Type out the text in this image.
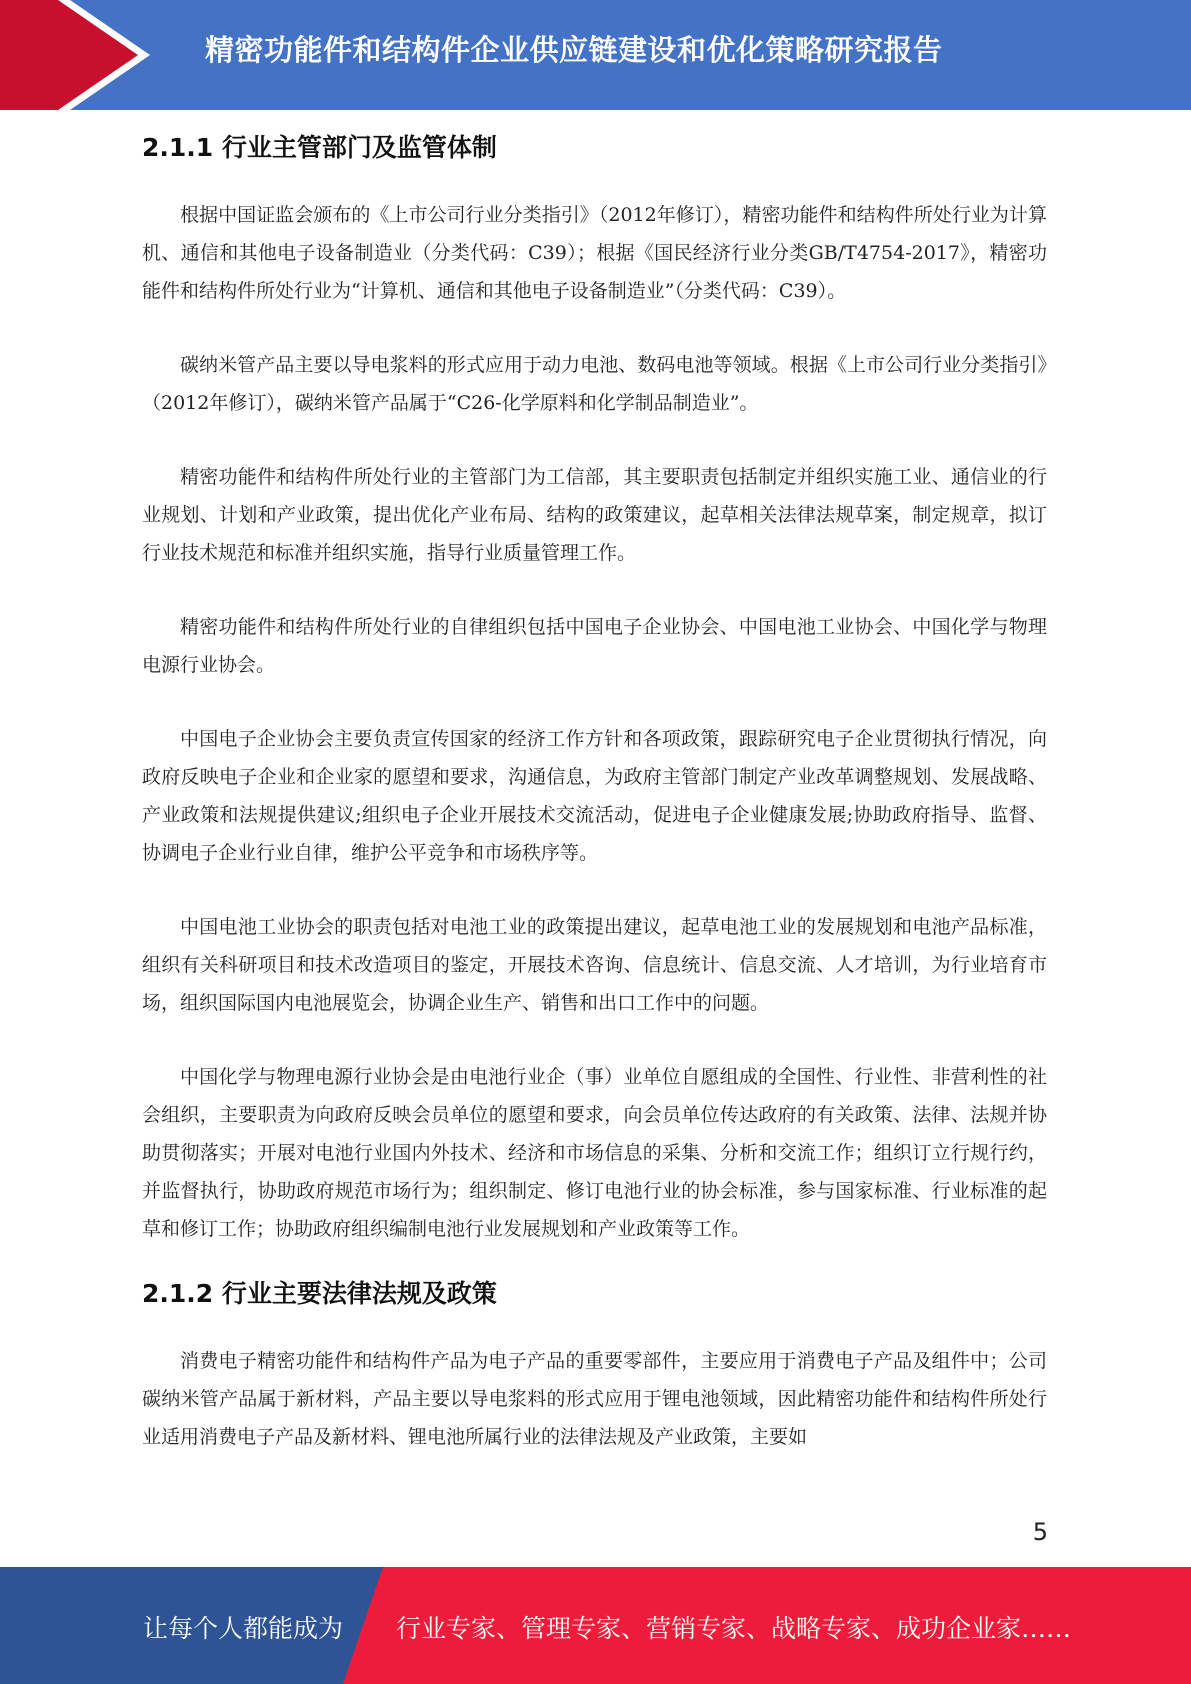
精密功能件和结构件企业供应链建设和优化策略研究报告
2.1.1 行业主管部门及监管体制

根据中国证监会颁布的《上市公司行业分类指引》（2012年修订），精密功能件和结构件所处行业为计算机、通信和其他电子设备制造业（分类代码：C39）；根据《国民经济行业分类GB/T4754-2017》，精密功能件和结构件所处行业为“计算机、通信和其他电子设备制造业”（分类代码：C39）。

碳纳米管产品主要以导电浆料的形式应用于动力电池、数码电池等领域。根据《上市公司行业分类指引》（2012年修订），碳纳米管产品属于“C26-化学原料和化学制品制造业”。

精密功能件和结构件所处行业的主管部门为工信部，其主要职责包括制定并组织实施工业、通信业的行业规划、计划和产业政策，提出优化产业布局、结构的政策建议，起草相关法律法规草案，制定规章，拟订行业技术规范和标准并组织实施，指导行业质量管理工作。

精密功能件和结构件所处行业的自律组织包括中国电子企业协会、中国电池工业协会、中国化学与物理电源行业协会。

中国电子企业协会主要负责宣传国家的经济工作方针和各项政策，跟踪研究电子企业贯彻执行情况，向政府反映电子企业和企业家的愿望和要求，沟通信息，为政府主管部门制定产业改革调整规划、发展战略、产业政策和法规提供建议;组织电子企业开展技术交流活动，促进电子企业健康发展;协助政府指导、监督、协调电子企业行业自律，维护公平竞争和市场秩序等。

中国电池工业协会的职责包括对电池工业的政策提出建议，起草电池工业的发展规划和电池产品标准，组织有关科研项目和技术改造项目的鉴定，开展技术咨询、信息统计、信息交流、人才培训，为行业培育市场，组织国际国内电池展览会，协调企业生产、销售和出口工作中的问题。

中国化学与物理电源行业协会是由电池行业企（事）业单位自愿组成的全国性、行业性、非营利性的社会组织，主要职责为向政府反映会员单位的愿望和要求，向会员单位传达政府的有关政策、法律、法规并协助贯彻落实；开展对电池行业国内外技术、经济和市场信息的采集、分析和交流工作；组织订立行规行约，并监督执行，协助政府规范市场行为；组织制定、修订电池行业的协会标准，参与国家标准、行业标准的起草和修订工作；协助政府组织编制电池行业发展规划和产业政策等工作。

2.1.2 行业主要法律法规及政策

消费电子精密功能件和结构件产品为电子产品的重要零部件，主要应用于消费电子产品及组件中；公司碳纳米管产品属于新材料，产品主要以导电浆料的形式应用于锂电池领域，因此精密功能件和结构件所处行业适用消费电子产品及新材料、锂电池所属行业的法律法规及产业政策，主要如

5
让每个人都能成为 行业专家、管理专家、营销专家、战略专家、成功企业家……
